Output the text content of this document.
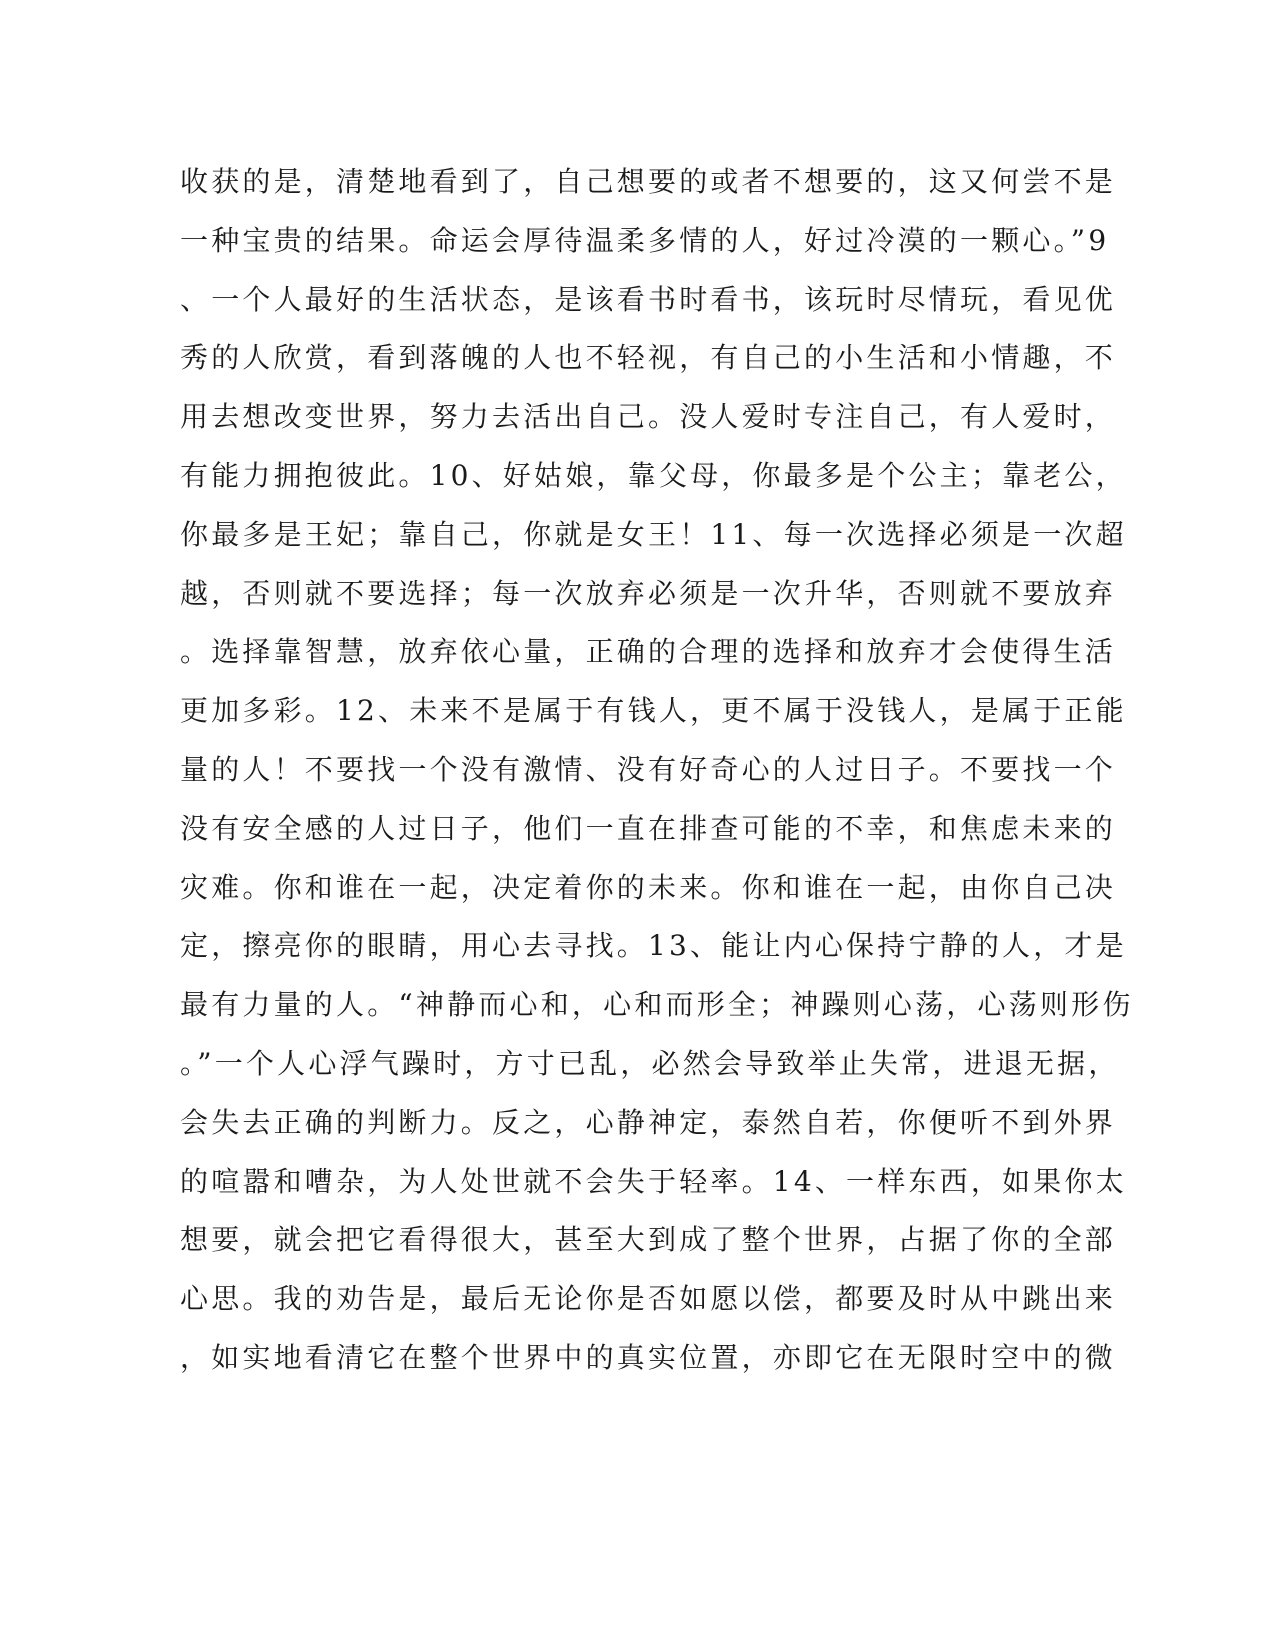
收获的是，清楚地看到了，自己想要的或者不想要的，这又何尝不是
一种宝贵的结果。命运会厚待温柔多情的人，好过冷漠的一颗心。”9
、一个人最好的生活状态，是该看书时看书，该玩时尽情玩，看见优
秀的人欣赏，看到落魄的人也不轻视，有自己的小生活和小情趣，不
用去想改变世界，努力去活出自己。没人爱时专注自己，有人爱时，
有能力拥抱彼此。10、好姑娘，靠父母，你最多是个公主；靠老公，
你最多是王妃；靠自己，你就是女王！11、每一次选择必须是一次超
越，否则就不要选择；每一次放弃必须是一次升华，否则就不要放弃
。选择靠智慧，放弃依心量，正确的合理的选择和放弃才会使得生活
更加多彩。12、未来不是属于有钱人，更不属于没钱人，是属于正能
量的人！不要找一个没有激情、没有好奇心的人过日子。不要找一个
没有安全感的人过日子，他们一直在排查可能的不幸，和焦虑未来的
灾难。你和谁在一起，决定着你的未来。你和谁在一起，由你自己决
定，擦亮你的眼睛，用心去寻找。13、能让内心保持宁静的人，才是
最有力量的人。“神静而心和，心和而形全；神躁则心荡，心荡则形伤
。”一个人心浮气躁时，方寸已乱，必然会导致举止失常，进退无据，
会失去正确的判断力。反之，心静神定，泰然自若，你便听不到外界
的喧嚣和嘈杂，为人处世就不会失于轻率。14、一样东西，如果你太
想要，就会把它看得很大，甚至大到成了整个世界，占据了你的全部
心思。我的劝告是，最后无论你是否如愿以偿，都要及时从中跳出来
，如实地看清它在整个世界中的真实位置，亦即它在无限时空中的微
